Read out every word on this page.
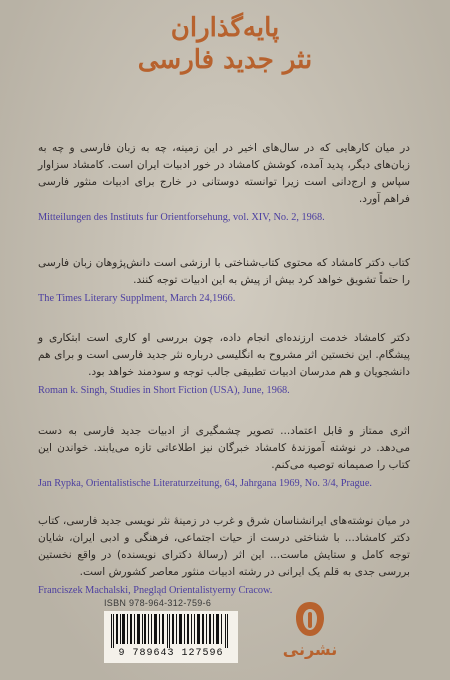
پایه‌گذاران
نثر جدید فارسی

در میان کارهایی که در سال‌های اخیر در این زمینه، چه به زبان فارسی و چه به زبان‌های دیگر، پدید آمده، کوشش کامشاد در خور ادبیات ایران است. کامشاد سزاوار سپاس و ارج‌دانی است زیرا توانسته دوستانی در خارج برای ادبیات منثور فارسی فراهم آورد.

Mitteilungen des Instituts fur Orientforsehung, vol. XIV, No. 2, 1968.

کتاب دکتر کامشاد که محتوی کتاب‌شناختی با ارزشی است دانش‌پژوهان زبان فارسی را حتماً تشویق خواهد کرد بیش از پیش به این ادبیات توجه کنند.

The Times Literary Supplment, March 24,1966.

دکتر کامشاد خدمت ارزنده‌ای انجام داده، چون بررسی او کاری است ابتکاری و پیشگام. این نخستین اثر مشروح به انگلیسی درباره نثر جدید فارسی است و برای هم دانشجویان و هم مدرسان ادبیات تطبیقی جالب توجه و سودمند خواهد بود.

Roman k. Singh, Studies in Short Fiction (USA), June, 1968.

اثری ممتاز و قابل اعتماد... تصویر چشمگیری از ادبیات جدید فارسی به دست می‌دهد. در نوشته آموزندهٔ کامشاد خبرگان نیز اطلاعاتی تازه می‌یابند. خواندن این کتاب را صمیمانه توصیه می‌کنم.

Jan Rypka, Orientalistische Literaturzeitung, 64, Jahrgana 1969, No. 3/4, Prague.

در میان نوشته‌های ایرانشناسان شرق و غرب در زمینهٔ نثر نویسی جدید فارسی، کتاب دکتر کامشاد... با شناختی درست از حیات اجتماعی، فرهنگی و ادبی ایران، شایان توجه کامل و ستایش ماست... این اثر (رسالهٔ دکترای نویسنده) در واقع نخستین بررسی جدی به قلم یک ایرانی در رشته ادبیات منثور معاصر کشورش است.

Franciszek Machalski, Pnegląd Orientalistyerny Cracow.

ISBN 978-964-312-759-6
9 789643 127596	نشرنی
